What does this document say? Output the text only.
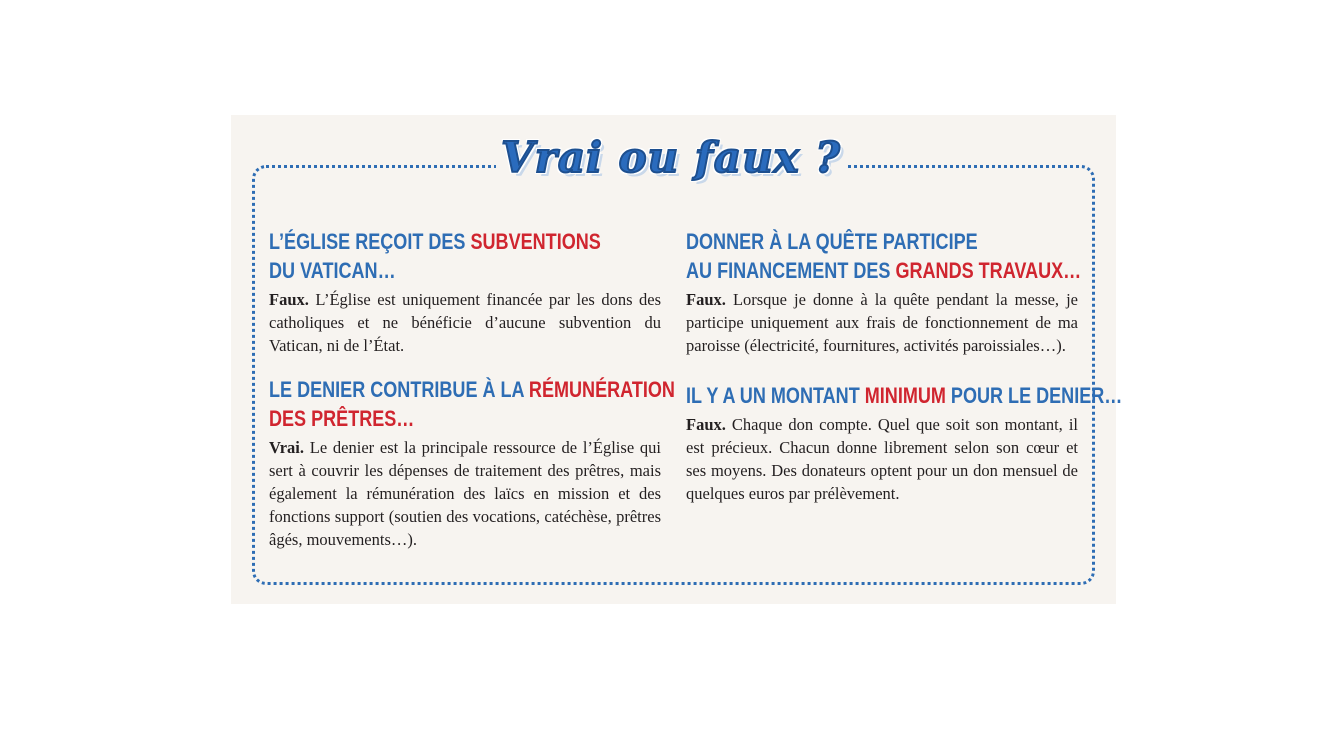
Vrai ou faux ?
L’ÉGLISE REÇOIT DES SUBVENTIONS
DU VATICAN…
Faux. L’Église est uniquement financée par les dons des catholiques et ne bénéficie d’aucune subvention du Vatican, ni de l’État.
LE DENIER CONTRIBUE À LA RÉMUNÉRATION
DES PRÊTRES…
Vrai. Le denier est la principale ressource de l’Église qui sert à couvrir les dépenses de traitement des prêtres, mais également la rémunération des laïcs en mission et des fonctions support (soutien des vocations, catéchèse, prêtres âgés, mouvements…).
DONNER À LA QUÊTE PARTICIPE
AU FINANCEMENT DES GRANDS TRAVAUX…
Faux. Lorsque je donne à la quête pendant la messe, je participe uniquement aux frais de fonctionnement de ma paroisse (électricité, fournitures, activités paroissiales…).
IL Y A UN MONTANT MINIMUM POUR LE DENIER…
Faux. Chaque don compte. Quel que soit son montant, il est précieux. Chacun donne librement selon son cœur et ses moyens. Des donateurs optent pour un don mensuel de quelques euros par prélèvement.
